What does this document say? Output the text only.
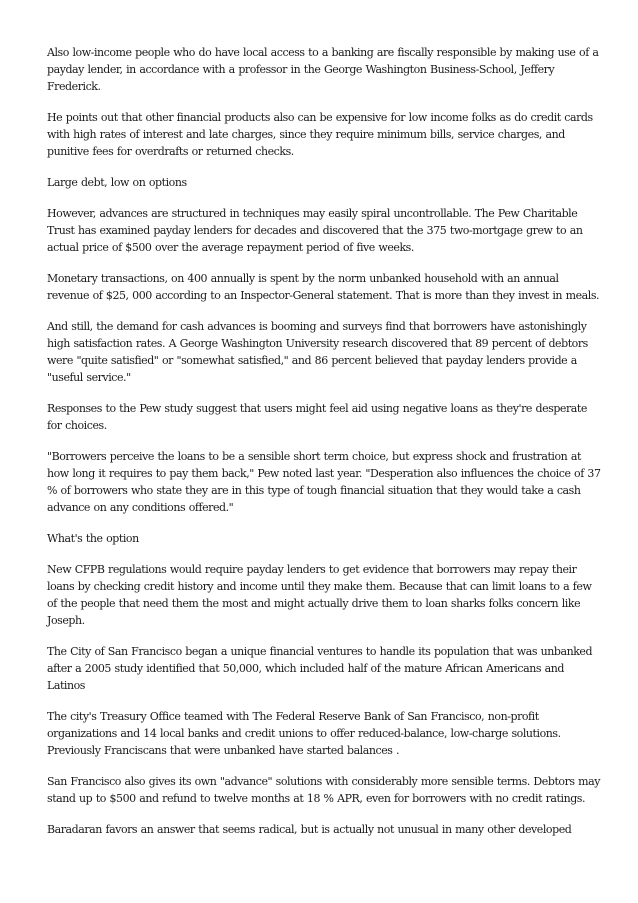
Also low-income people who do have local access to a banking are fiscally responsible by making use of a payday lender, in accordance with a professor in the George Washington Business-School, Jeffery Frederick.

He points out that other financial products also can be expensive for low income folks as do credit cards with high rates of interest and late charges, since they require minimum bills, service charges, and punitive fees for overdrafts or returned checks.

Large debt, low on options

However, advances are structured in techniques may easily spiral uncontrollable. The Pew Charitable Trust has examined payday lenders for decades and discovered that the 375 two-mortgage grew to an actual price of $500 over the average repayment period of five weeks.

Monetary transactions, on 400 annually is spent by the norm unbanked household with an annual revenue of $25, 000 according to an Inspector-General statement. That is more than they invest in meals.

And still, the demand for cash advances is booming and surveys find that borrowers have astonishingly high satisfaction rates. A George Washington University research discovered that 89 percent of debtors were "quite satisfied" or "somewhat satisfied," and 86 percent believed that payday lenders provide a "useful service."

Responses to the Pew study suggest that users might feel aid using negative loans as they're desperate for choices.

"Borrowers perceive the loans to be a sensible short term choice, but express shock and frustration at how long it requires to pay them back," Pew noted last year. "Desperation also influences the choice of 37 % of borrowers who state they are in this type of tough financial situation that they would take a cash advance on any conditions offered."

What's the option

New CFPB regulations would require payday lenders to get evidence that borrowers may repay their loans by checking credit history and income until they make them. Because that can limit loans to a few of the people that need them the most and might actually drive them to loan sharks folks concern like Joseph.

The City of San Francisco began a unique financial ventures to handle its population that was unbanked after a 2005 study identified that 50,000, which included half of the mature African Americans and Latinos

The city's Treasury Office teamed with The Federal Reserve Bank of San Francisco, non-profit organizations and 14 local banks and credit unions to offer reduced-balance, low-charge solutions. Previously Franciscans that were unbanked have started balances .

San Francisco also gives its own "advance" solutions with considerably more sensible terms. Debtors may stand up to $500 and refund to twelve months at 18 % APR, even for borrowers with no credit ratings.

Baradaran favors an answer that seems radical, but is actually not unusual in many other developed
